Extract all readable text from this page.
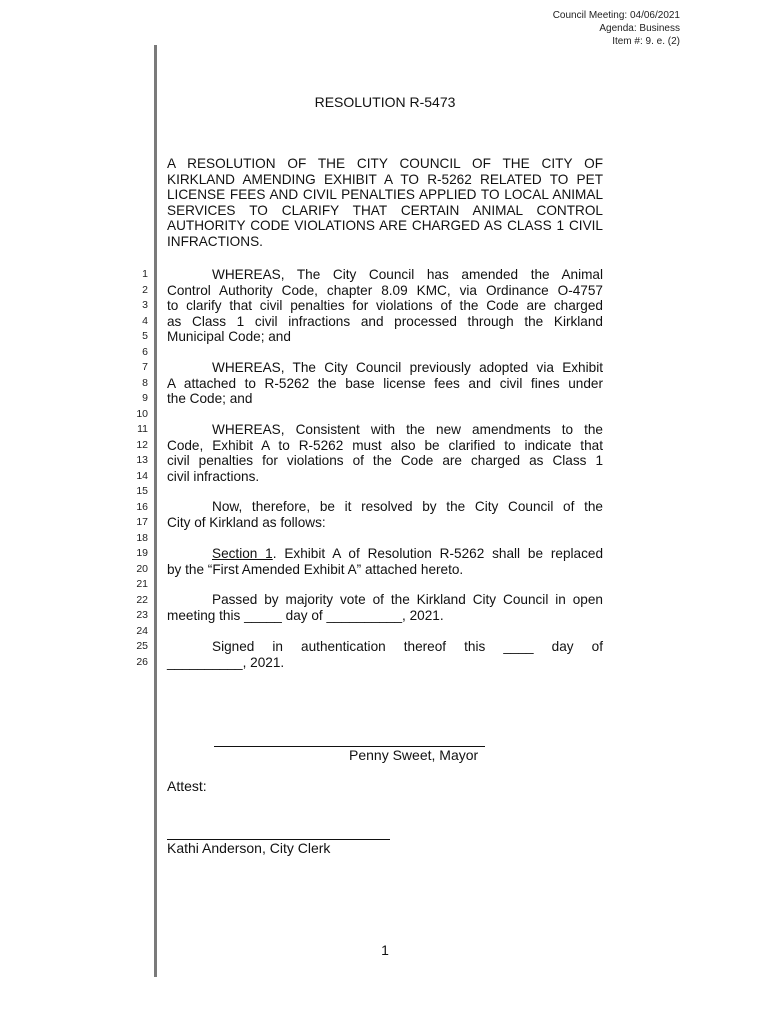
Council Meeting: 04/06/2021
Agenda: Business
Item #: 9. e. (2)
RESOLUTION R-5473
A RESOLUTION OF THE CITY COUNCIL OF THE CITY OF
KIRKLAND AMENDING EXHIBIT A TO R-5262 RELATED TO PET
LICENSE FEES AND CIVIL PENALTIES APPLIED TO LOCAL ANIMAL
SERVICES TO CLARIFY THAT CERTAIN ANIMAL CONTROL
AUTHORITY CODE VIOLATIONS ARE CHARGED AS CLASS 1 CIVIL
INFRACTIONS.
1
2
3
4
5
6
7
8
9
10
11
12
13
14
15
16
17
18
19
20
21
22
23
24
25
26
WHEREAS, The City Council has amended the Animal
Control Authority Code, chapter 8.09 KMC, via Ordinance O-4757
to clarify that civil penalties for violations of the Code are charged
as Class 1 civil infractions and processed through the Kirkland
Municipal Code; and
WHEREAS, The City Council previously adopted via Exhibit
A attached to R-5262 the base license fees and civil fines under
the Code; and
WHEREAS, Consistent with the new amendments to the
Code, Exhibit A to R-5262 must also be clarified to indicate that
civil penalties for violations of the Code are charged as Class 1
civil infractions.
Now, therefore, be it resolved by the City Council of the
City of Kirkland as follows:
Section 1. Exhibit A of Resolution R-5262 shall be replaced
by the “First Amended Exhibit A” attached hereto.
Passed by majority vote of the Kirkland City Council in open
meeting this _____ day of __________, 2021.
Signed in authentication thereof this ____ day of
__________, 2021.
Penny Sweet, Mayor
Attest:
Kathi Anderson, City Clerk
1
